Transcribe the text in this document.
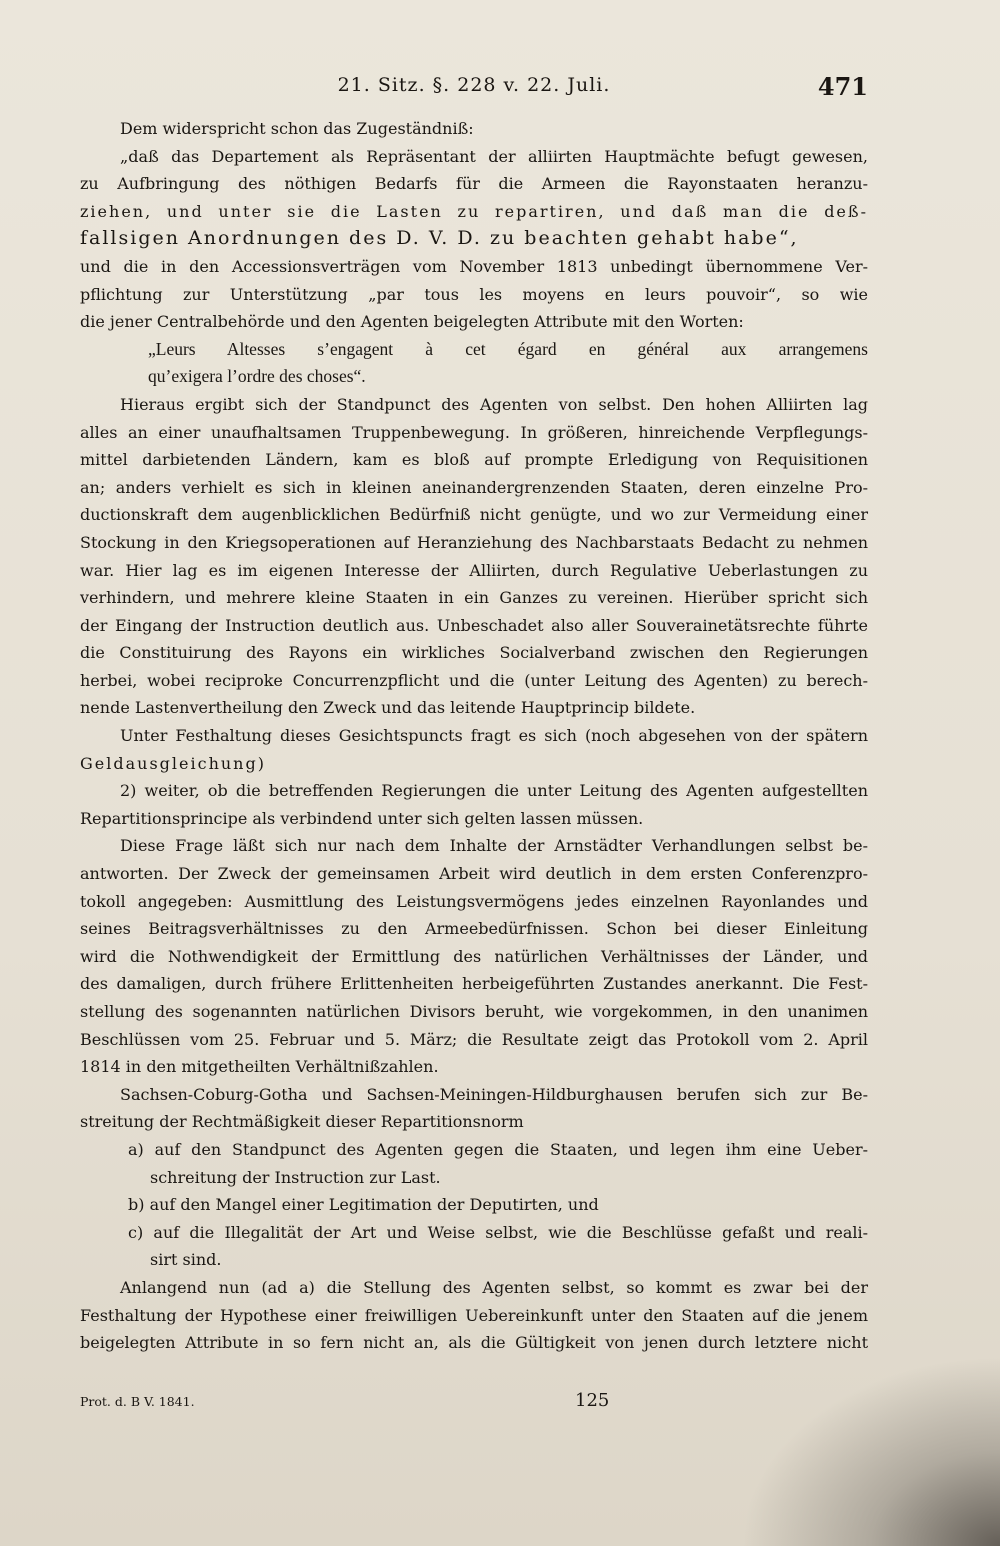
21. Sitz. §. 228 v. 22. Juli.	471
Dem widerspricht schon das Zugeständniß:
„daß das Departement als Repräsentant der alliirten Hauptmächte befugt gewesen,
zu Aufbringung des nöthigen Bedarfs für die Armeen die Rayonstaaten heranzu-
ziehen, und unter sie die Lasten zu repartiren, und daß man die deß-
fallsigen Anordnungen des D. V. D. zu beachten gehabt habe“,
und die in den Accessionsverträgen vom November 1813 unbedingt übernommene Ver-
pflichtung zur Unterstützung „par tous les moyens en leurs pouvoir“, so wie
die jener Centralbehörde und den Agenten beigelegten Attribute mit den Worten:
„Leurs Altesses s’engagent à cet égard en général aux arrangemens
qu’exigera l’ordre des choses“.
Hieraus ergibt sich der Standpunct des Agenten von selbst. Den hohen Alliirten lag
alles an einer unaufhaltsamen Truppenbewegung. In größeren, hinreichende Verpflegungs-
mittel darbietenden Ländern, kam es bloß auf prompte Erledigung von Requisitionen
an; anders verhielt es sich in kleinen aneinandergrenzenden Staaten, deren einzelne Pro-
ductionskraft dem augenblicklichen Bedürfniß nicht genügte, und wo zur Vermeidung einer
Stockung in den Kriegsoperationen auf Heranziehung des Nachbarstaats Bedacht zu nehmen
war. Hier lag es im eigenen Interesse der Alliirten, durch Regulative Ueberlastungen zu
verhindern, und mehrere kleine Staaten in ein Ganzes zu vereinen. Hierüber spricht sich
der Eingang der Instruction deutlich aus. Unbeschadet also aller Souverainetätsrechte führte
die Constituirung des Rayons ein wirkliches Socialverband zwischen den Regierungen
herbei, wobei reciproke Concurrenzpflicht und die (unter Leitung des Agenten) zu berech-
nende Lastenvertheilung den Zweck und das leitende Hauptprincip bildete.
Unter Festhaltung dieses Gesichtspuncts fragt es sich (noch abgesehen von der spätern
Geldausgleichung)
2) weiter, ob die betreffenden Regierungen die unter Leitung des Agenten aufgestellten
Repartitionsprincipe als verbindend unter sich gelten lassen müssen.
Diese Frage läßt sich nur nach dem Inhalte der Arnstädter Verhandlungen selbst be-
antworten. Der Zweck der gemeinsamen Arbeit wird deutlich in dem ersten Conferenzpro-
tokoll angegeben: Ausmittlung des Leistungsvermögens jedes einzelnen Rayonlandes und
seines Beitragsverhältnisses zu den Armeebedürfnissen. Schon bei dieser Einleitung
wird die Nothwendigkeit der Ermittlung des natürlichen Verhältnisses der Länder, und
des damaligen, durch frühere Erlittenheiten herbeigeführten Zustandes anerkannt. Die Fest-
stellung des sogenannten natürlichen Divisors beruht, wie vorgekommen, in den unanimen
Beschlüssen vom 25. Februar und 5. März; die Resultate zeigt das Protokoll vom 2. April
1814 in den mitgetheilten Verhältnißzahlen.
Sachsen-Coburg-Gotha und Sachsen-Meiningen-Hildburghausen berufen sich zur Be-
streitung der Rechtmäßigkeit dieser Repartitionsnorm
a) auf den Standpunct des Agenten gegen die Staaten, und legen ihm eine Ueber-
schreitung der Instruction zur Last.
b) auf den Mangel einer Legitimation der Deputirten, und
c) auf die Illegalität der Art und Weise selbst, wie die Beschlüsse gefaßt und reali-
sirt sind.
Anlangend nun (ad a) die Stellung des Agenten selbst, so kommt es zwar bei der
Festhaltung der Hypothese einer freiwilligen Uebereinkunft unter den Staaten auf die jenem
beigelegten Attribute in so fern nicht an, als die Gültigkeit von jenen durch letztere nicht
Prot. d. B V. 1841.	125
